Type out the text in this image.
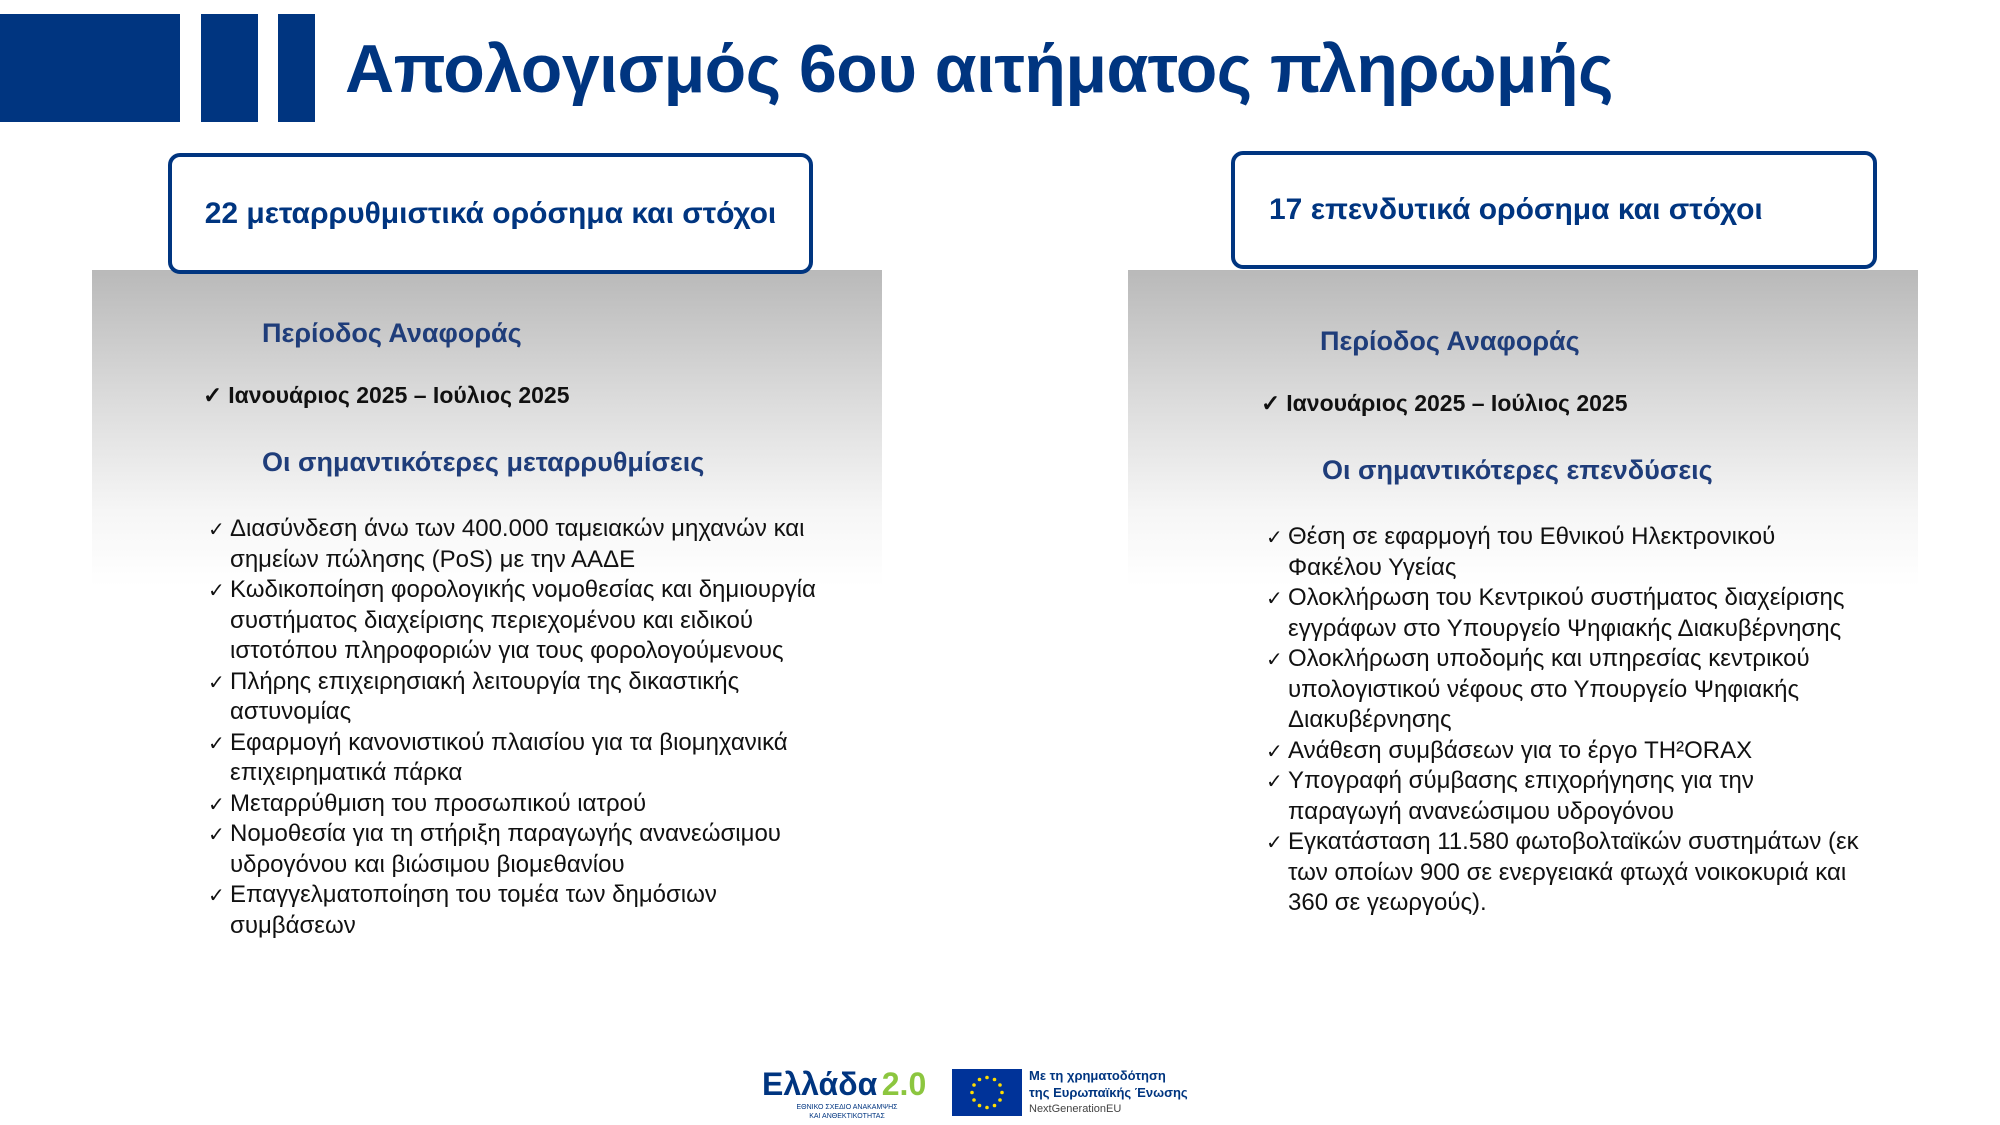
Απολογισμός 6ου αιτήματος πληρωμής
22 μεταρρυθμιστικά ορόσημα και στόχοι
Περίοδος Αναφοράς
✓ Ιανουάριος 2025 – Ιούλιος 2025
Οι σημαντικότερες μεταρρυθμίσεις
✓ Διασύνδεση άνω των 400.000 ταμειακών μηχανών και σημείων πώλησης (PoS) με την ΑΑΔΕ
✓ Κωδικοποίηση φορολογικής νομοθεσίας και δημιουργία συστήματος διαχείρισης περιεχομένου και ειδικού ιστοτόπου πληροφοριών για τους φορολογούμενους
✓ Πλήρης επιχειρησιακή λειτουργία της δικαστικής αστυνομίας
✓ Εφαρμογή κανονιστικού πλαισίου για τα βιομηχανικά επιχειρηματικά πάρκα
✓ Μεταρρύθμιση του προσωπικού ιατρού
✓ Νομοθεσία για τη στήριξη παραγωγής ανανεώσιμου υδρογόνου και βιώσιμου βιομεθανίου
✓ Επαγγελματοποίηση του τομέα των δημόσιων συμβάσεων
17 επενδυτικά ορόσημα και στόχοι
Περίοδος Αναφοράς
✓ Ιανουάριος 2025 – Ιούλιος 2025
Οι σημαντικότερες επενδύσεις
✓ Θέση σε εφαρμογή του Εθνικού Ηλεκτρονικού Φακέλου Υγείας
✓ Ολοκλήρωση του Κεντρικού συστήματος διαχείρισης εγγράφων στο Υπουργείο Ψηφιακής Διακυβέρνησης
✓ Ολοκλήρωση υποδομής και υπηρεσίας κεντρικού υπολογιστικού νέφους στο Υπουργείο Ψηφιακής Διακυβέρνησης
✓ Ανάθεση συμβάσεων για το έργο TH²ORAX
✓ Υπογραφή σύμβασης επιχορήγησης για την παραγωγή ανανεώσιμου υδρογόνου
✓ Εγκατάσταση 11.580 φωτοβολταϊκών συστημάτων (εκ των οποίων 900 σε ενεργειακά φτωχά νοικοκυριά και 360 σε γεωργούς).
Ελλάδα 2.0
ΕΘΝΙΚΟ ΣΧΕΔΙΟ ΑΝΑΚΑΜΨΗΣ
ΚΑΙ ΑΝΘΕΚΤΙΚΟΤΗΤΑΣ
Με τη χρηματοδότηση
της Ευρωπαϊκής Ένωσης
NextGenerationEU
